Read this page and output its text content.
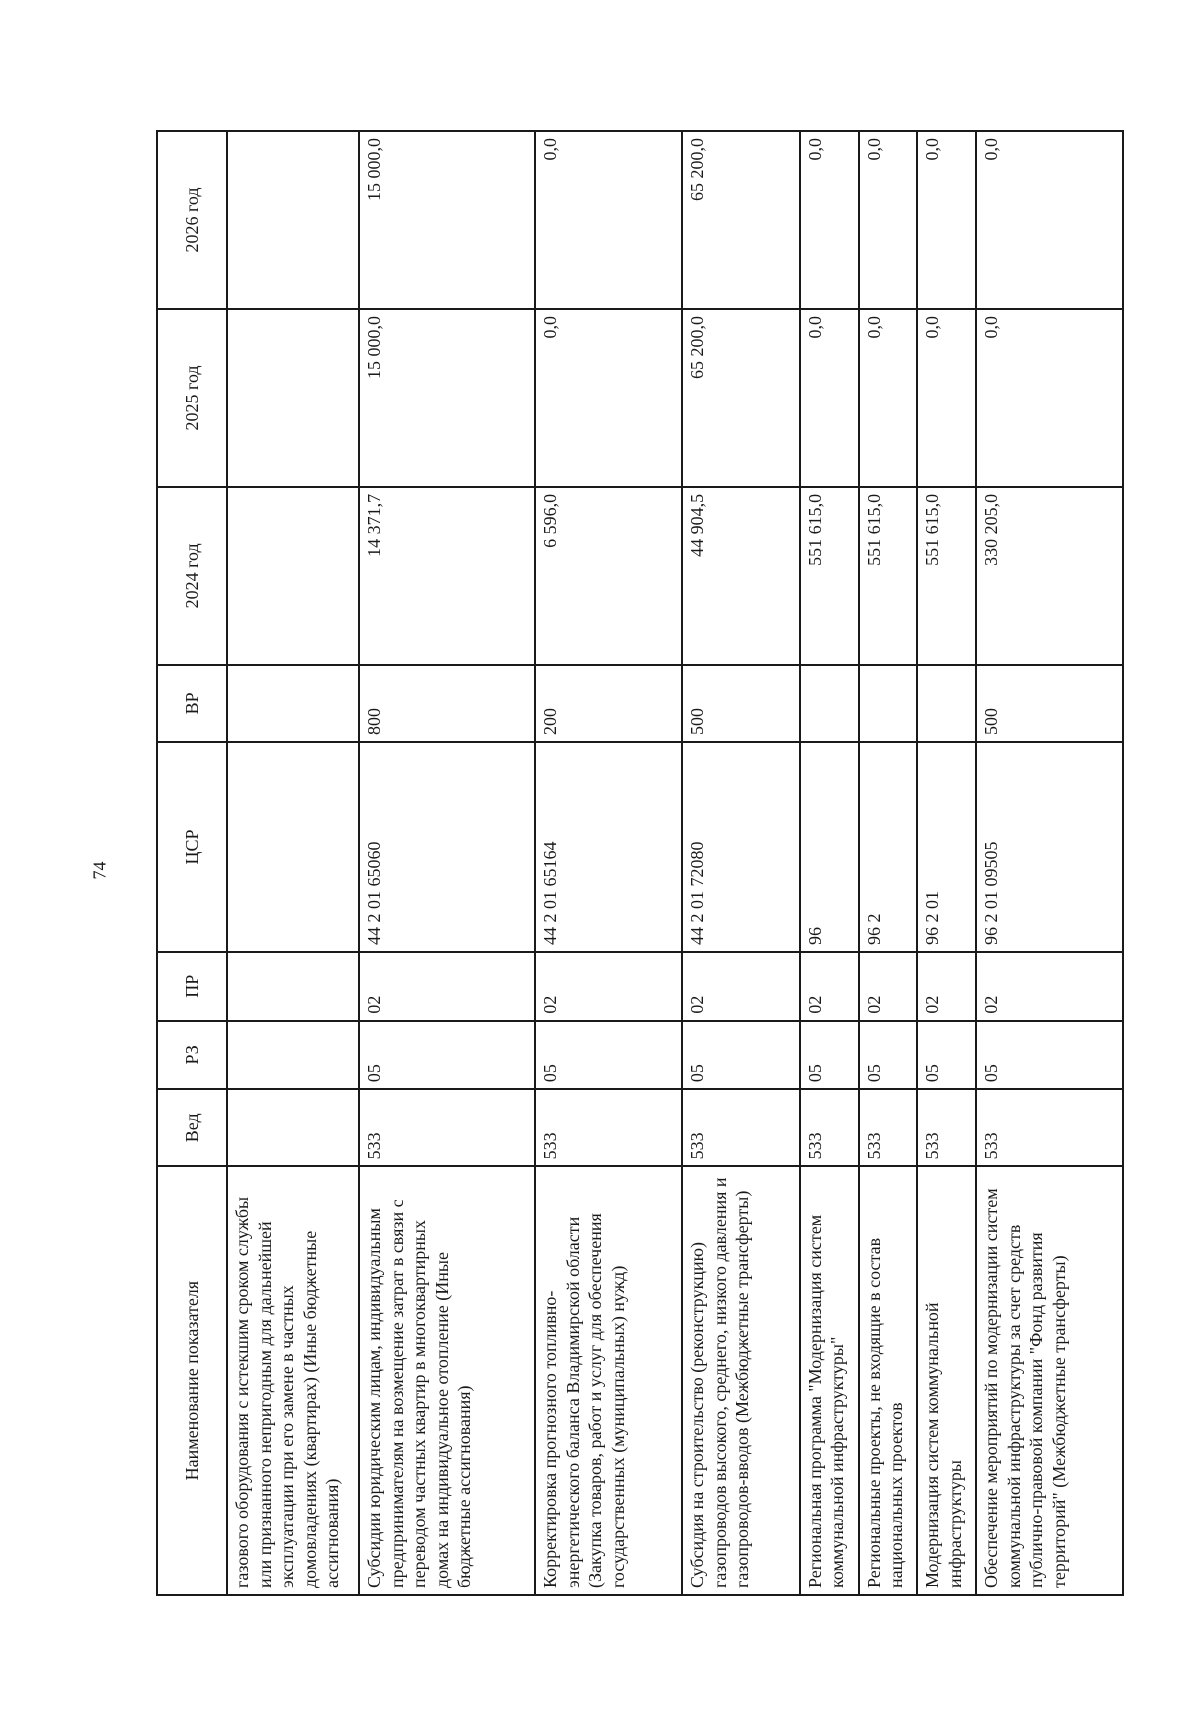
74
Наименование показателя	Вед	РЗ	ПР	ЦСР	ВР	2024 год	2025 год	2026 год
газового оборудования с истекшим сроком службы или признанного непригодным для дальнейшей эксплуатации при его замене в частных домовладениях (квартирах) (Иные бюджетные ассигнования)								
Субсидии юридическим лицам, индивидуальным предпринимателям на возмещение затрат в связи с переводом частных квартир в многоквартирных домах на индивидуальное отопление (Иные бюджетные ассигнования)	533	05	02	44 2 01 65060	800	14 371,7	15 000,0	15 000,0
Корректировка прогнозного топливно-энергетического баланса Владимирской области (Закупка товаров, работ и услуг для обеспечения государственных (муниципальных) нужд)	533	05	02	44 2 01 65164	200	6 596,0	0,0	0,0
Субсидия на строительство (реконструкцию) газопроводов высокого, среднего, низкого давления и газопроводов-вводов (Межбюджетные трансферты)	533	05	02	44 2 01 72080	500	44 904,5	65 200,0	65 200,0
Региональная программа "Модернизация систем коммунальной инфраструктуры"	533	05	02	96		551 615,0	0,0	0,0
Региональные проекты, не входящие в состав национальных проектов	533	05	02	96 2		551 615,0	0,0	0,0
Модернизация систем коммунальной инфраструктуры	533	05	02	96 2 01		551 615,0	0,0	0,0
Обеспечение мероприятий по модернизации систем коммунальной инфраструктуры за счет средств публично-правовой компании "Фонд развития территорий" (Межбюджетные трансферты)	533	05	02	96 2 01 09505	500	330 205,0	0,0	0,0
